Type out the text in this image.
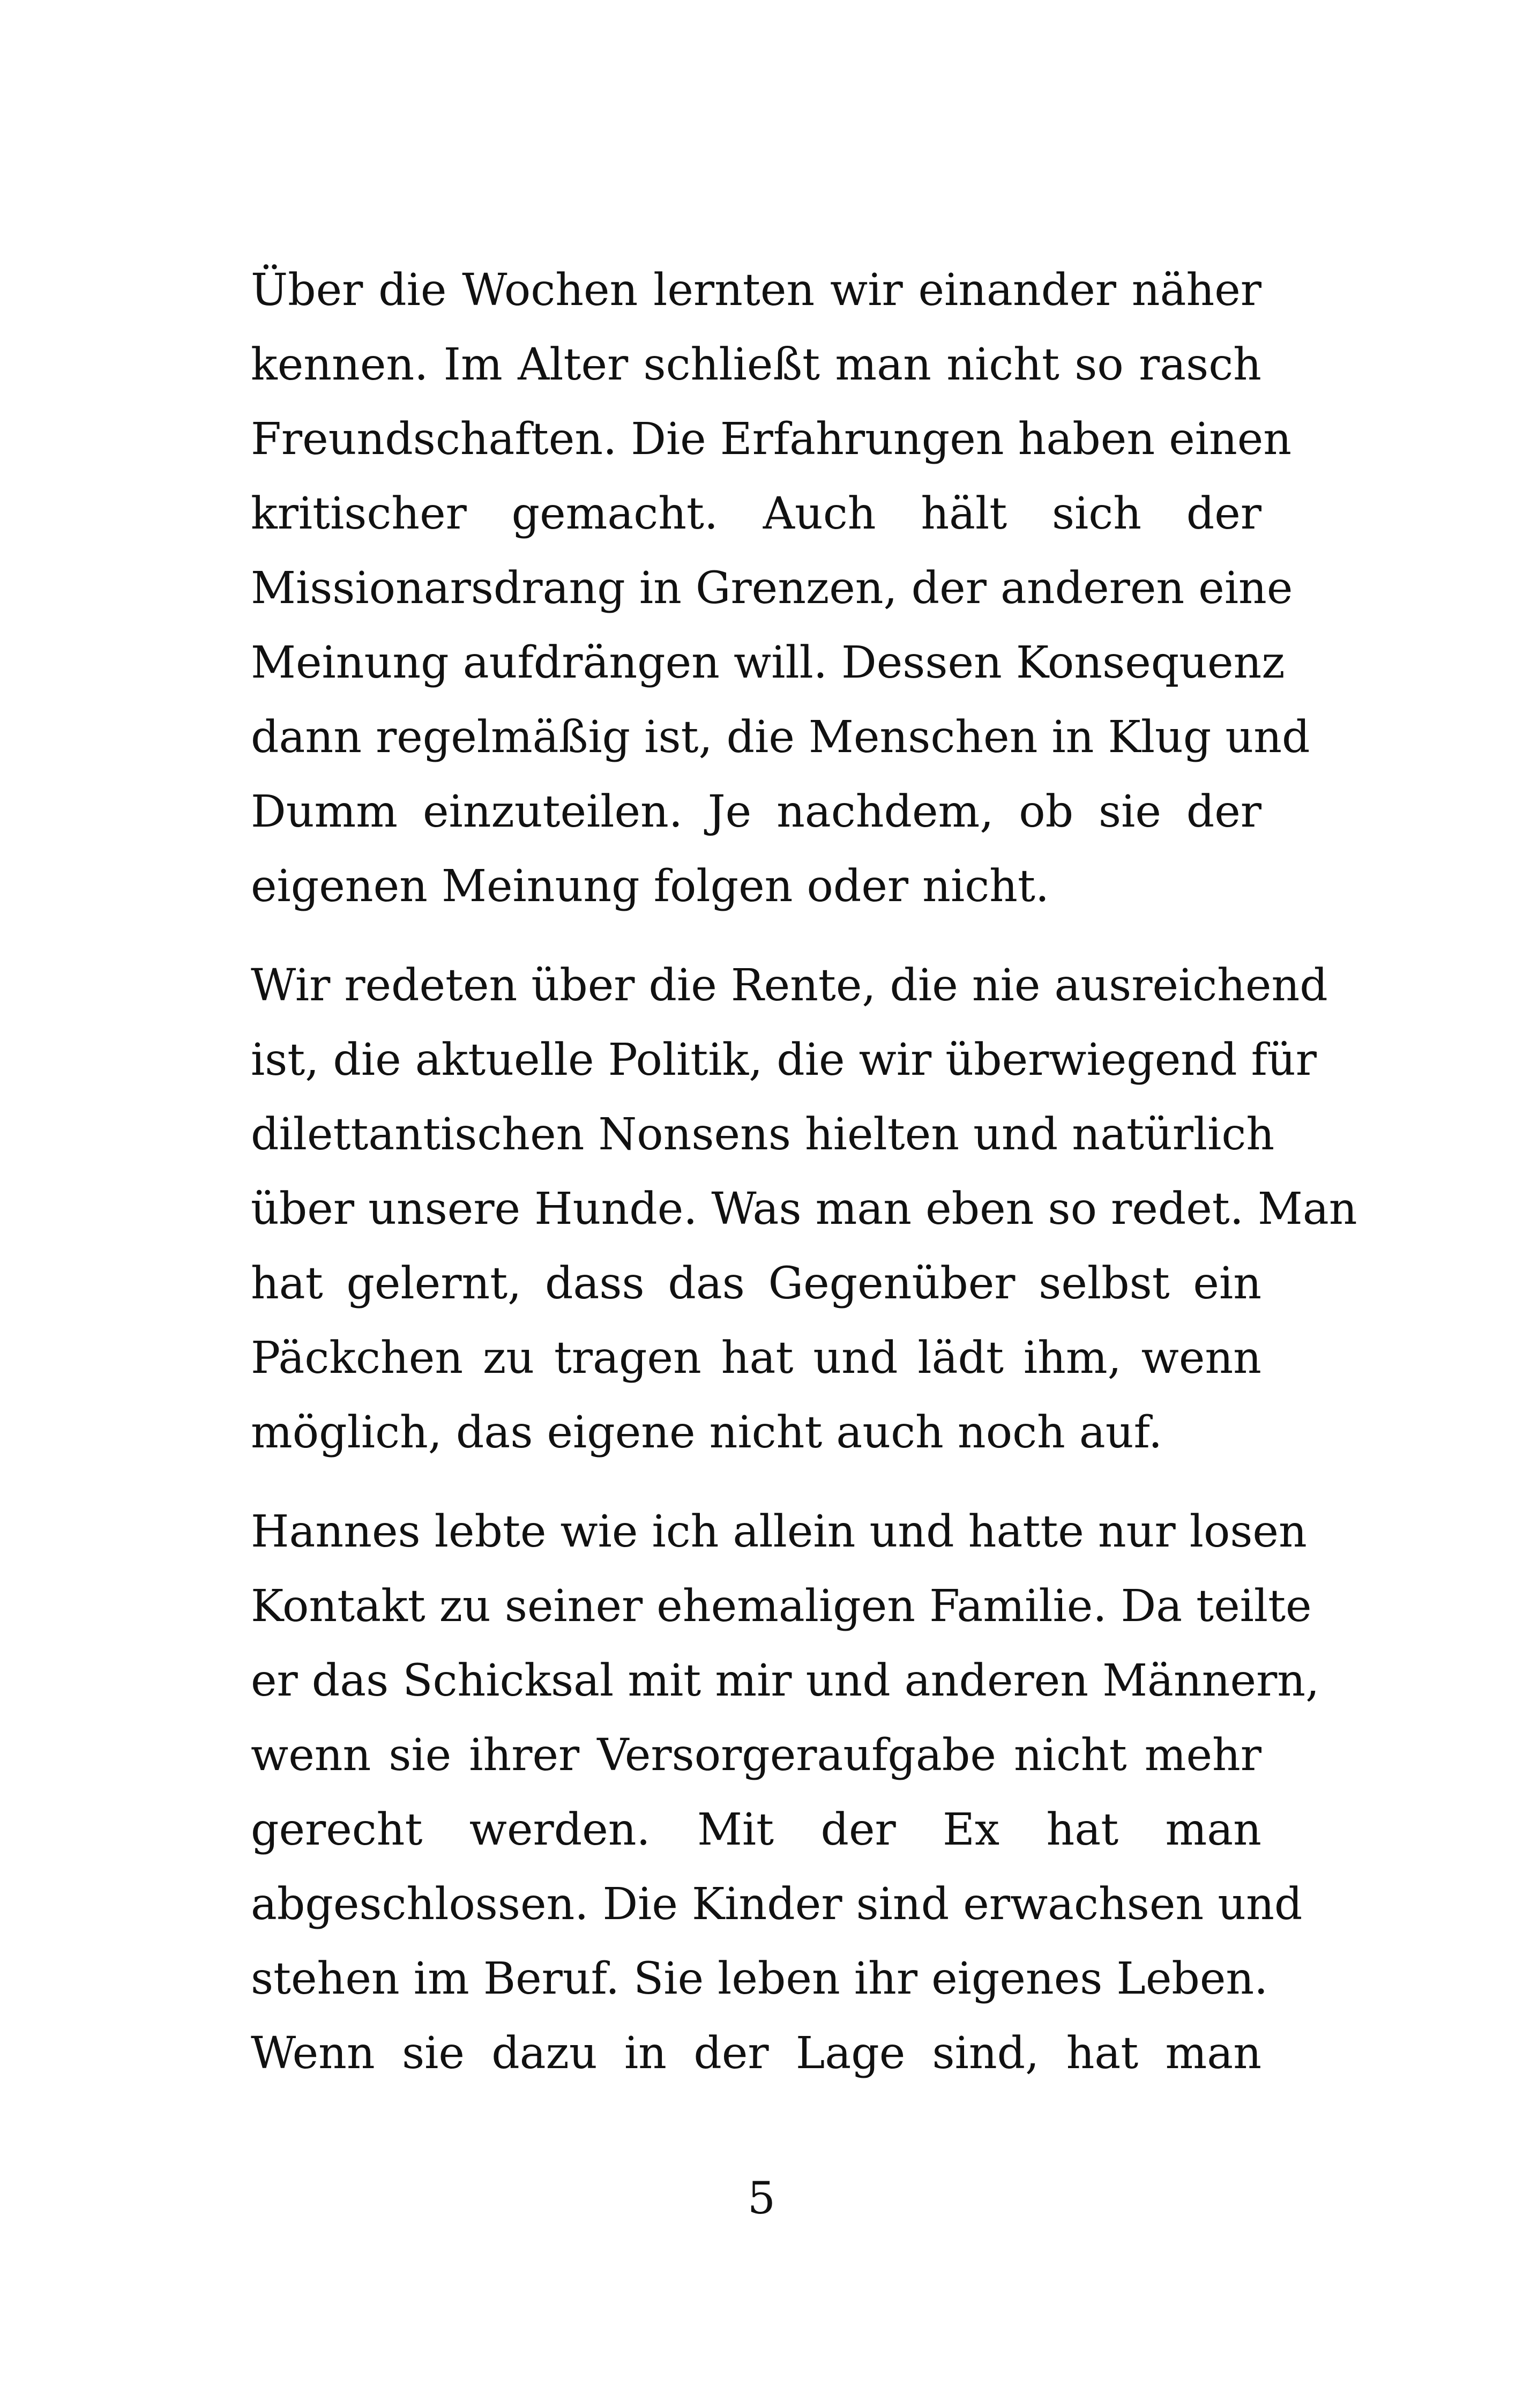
Über die Wochen lernten wir einander näher
kennen. Im Alter schließt man nicht so rasch
Freundschaften. Die Erfahrungen haben einen
kritischer gemacht. Auch hält sich der
Missionarsdrang in Grenzen, der anderen eine
Meinung aufdrängen will. Dessen Konsequenz
dann regelmäßig ist, die Menschen in Klug und
Dumm einzuteilen. Je nachdem, ob sie der
eigenen Meinung folgen oder nicht.

Wir redeten über die Rente, die nie ausreichend
ist, die aktuelle Politik, die wir überwiegend für
dilettantischen Nonsens hielten und natürlich
über unsere Hunde. Was man eben so redet. Man
hat gelernt, dass das Gegenüber selbst ein
Päckchen zu tragen hat und lädt ihm, wenn
möglich, das eigene nicht auch noch auf.

Hannes lebte wie ich allein und hatte nur losen
Kontakt zu seiner ehemaligen Familie. Da teilte
er das Schicksal mit mir und anderen Männern,
wenn sie ihrer Versorgeraufgabe nicht mehr
gerecht werden. Mit der Ex hat man
abgeschlossen. Die Kinder sind erwachsen und
stehen im Beruf. Sie leben ihr eigenes Leben.
Wenn sie dazu in der Lage sind, hat man

5
